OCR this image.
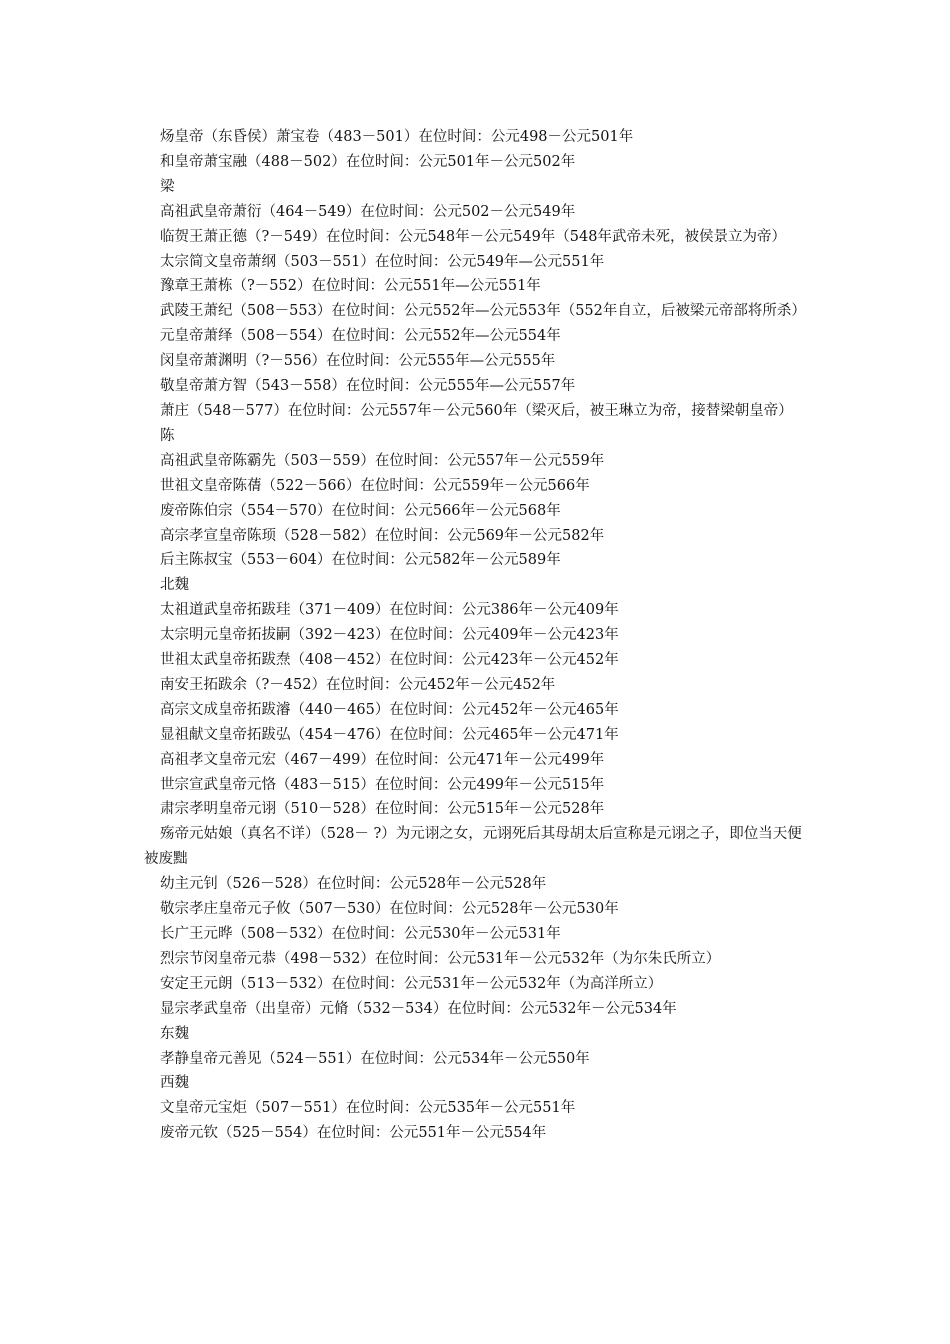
炀皇帝（东昏侯）萧宝卷（483－501）在位时间：公元498－公元501年

和皇帝萧宝融（488－502）在位时间：公元501年－公元502年

梁

高祖武皇帝萧衍（464－549）在位时间：公元502－公元549年

临贺王萧正德（?－549）在位时间：公元548年－公元549年（548年武帝未死，被侯景立为帝）

太宗简文皇帝萧纲（503－551）在位时间：公元549年—公元551年

豫章王萧栋（?－552）在位时间：公元551年—公元551年

武陵王萧纪（508－553）在位时间：公元552年—公元553年（552年自立，后被梁元帝部将所杀）

元皇帝萧绎（508－554）在位时间：公元552年—公元554年

闵皇帝萧渊明（?－556）在位时间：公元555年—公元555年

敬皇帝萧方智（543－558）在位时间：公元555年—公元557年

萧庄（548－577）在位时间：公元557年－公元560年（梁灭后，被王琳立为帝，接替梁朝皇帝）

陈

高祖武皇帝陈霸先（503－559）在位时间：公元557年－公元559年

世祖文皇帝陈蒨（522－566）在位时间：公元559年－公元566年

废帝陈伯宗（554－570）在位时间：公元566年－公元568年

高宗孝宣皇帝陈顼（528－582）在位时间：公元569年－公元582年

后主陈叔宝（553－604）在位时间：公元582年－公元589年

北魏

太祖道武皇帝拓跋珪（371－409）在位时间：公元386年－公元409年

太宗明元皇帝拓拔嗣（392－423）在位时间：公元409年－公元423年

世祖太武皇帝拓跋焘（408－452）在位时间：公元423年－公元452年

南安王拓跋余（?－452）在位时间：公元452年－公元452年

高宗文成皇帝拓跋濬（440－465）在位时间：公元452年－公元465年

显祖献文皇帝拓跋弘（454－476）在位时间：公元465年－公元471年

高祖孝文皇帝元宏（467－499）在位时间：公元471年－公元499年

世宗宣武皇帝元恪（483－515）在位时间：公元499年－公元515年

肃宗孝明皇帝元诩（510－528）在位时间：公元515年－公元528年

殇帝元姑娘（真名不详）（528－ ?）为元诩之女，元诩死后其母胡太后宣称是元诩之子，即位当天便被废黜

幼主元钊（526－528）在位时间：公元528年－公元528年

敬宗孝庄皇帝元子攸（507－530）在位时间：公元528年－公元530年

长广王元晔（508－532）在位时间：公元530年－公元531年

烈宗节闵皇帝元恭（498－532）在位时间：公元531年－公元532年（为尔朱氏所立）

安定王元朗（513－532）在位时间：公元531年－公元532年（为高洋所立）

显宗孝武皇帝（出皇帝）元脩（532－534）在位时间：公元532年－公元534年

东魏

孝静皇帝元善见（524－551）在位时间：公元534年－公元550年

西魏

文皇帝元宝炬（507－551）在位时间：公元535年－公元551年

废帝元钦（525－554）在位时间：公元551年－公元554年
